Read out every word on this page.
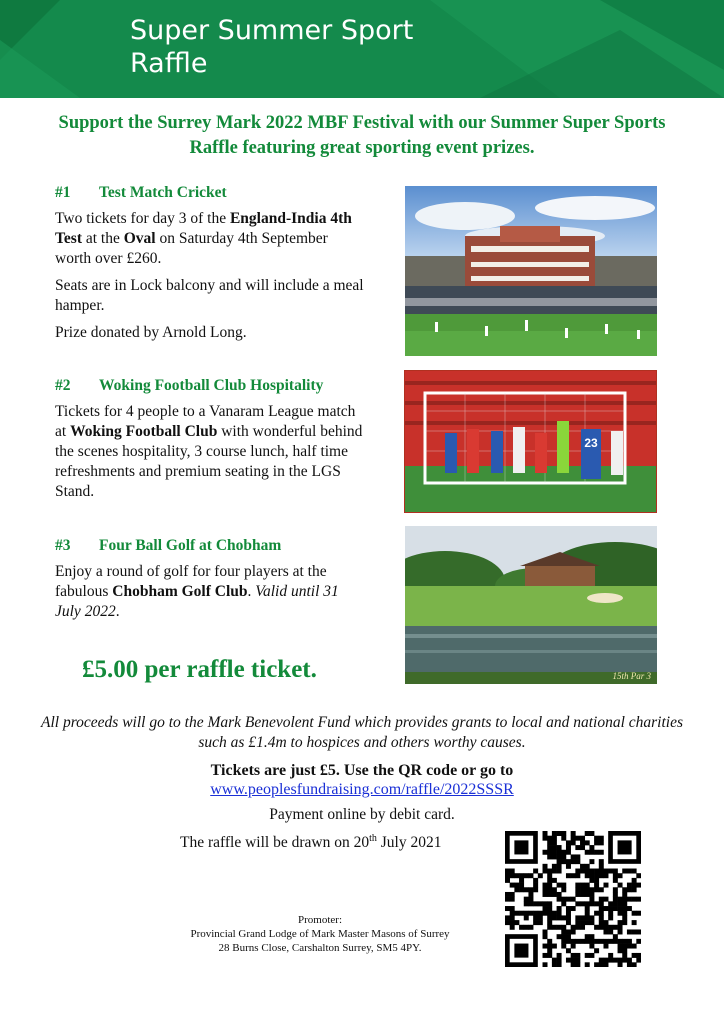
Super Summer Sport
Raffle
Support the Surrey Mark 2022 MBF Festival with our Summer Super Sports Raffle featuring great sporting event prizes.
#1 Test Match Cricket

Two tickets for day 3 of the England-India 4th Test at the Oval on Saturday 4th September worth over £260.

Seats are in Lock balcony and will include a meal hamper.

Prize donated by Arnold Long.

#2 Woking Football Club Hospitality

Tickets for 4 people to a Vanaram League match at Woking Football Club with wonderful behind the scenes hospitality, 3 course lunch, half time refreshments and premium seating in the LGS Stand.

23
#3 Four Ball Golf at Chobham

Enjoy a round of golf for four players at the fabulous Chobham Golf Club. Valid until 31 July 2022.

15th Par 3
£5.00 per raffle ticket.
All proceeds will go to the Mark Benevolent Fund which provides grants to local and national charities such as £1.4m to hospices and others worthy causes.
Tickets are just £5. Use the QR code or go to
www.peoplesfundraising.com/raffle/2022SSSR
Payment online by debit card.
The raffle will be drawn on 20th July 2021
Promoter:
Provincial Grand Lodge of Mark Master Masons of Surrey
28 Burns Close, Carshalton Surrey, SM5 4PY.
